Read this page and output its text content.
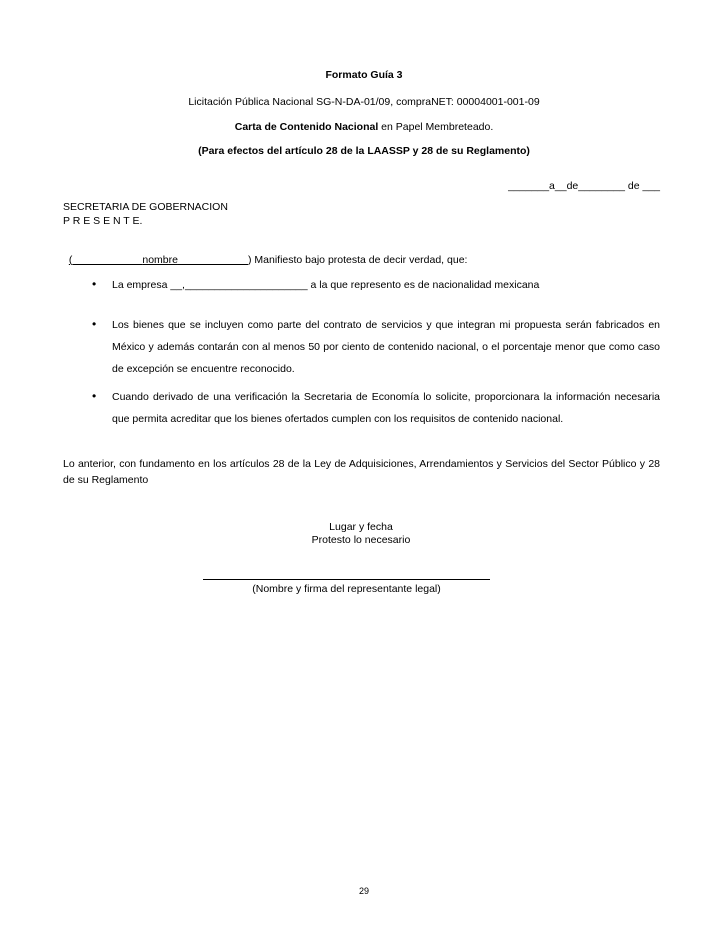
Formato Guía 3
Licitación Pública Nacional SG-N-DA-01/09, compraNET: 00004001-001-09
Carta de Contenido Nacional en Papel Membreteado.
(Para efectos del artículo 28 de la LAASSP y 28 de su Reglamento)
_______a__de________ de ___
SECRETARIA DE GOBERNACION
P R E S E N T E.

(	nombre	) Manifiesto bajo protesta de decir verdad, que:

• La empresa __,_____________________ a la que represento es de nacionalidad mexicana
• Los bienes que se incluyen como parte del contrato de servicios y que integran mi propuesta serán fabricados en México y además contarán con al menos 50 por ciento de contenido nacional, o el porcentaje menor que como caso de excepción se encuentre reconocido.
• Cuando derivado de una verificación la Secretaria de Economía lo solicite, proporcionara la información necesaria que permita acreditar que los bienes ofertados cumplen con los requisitos de contenido nacional.
Lo anterior, con fundamento en los artículos 28 de la Ley de Adquisiciones, Arrendamientos y Servicios del Sector Público y 28 de su Reglamento
Lugar y fecha
Protesto lo necesario
(Nombre y firma del representante legal)
29
